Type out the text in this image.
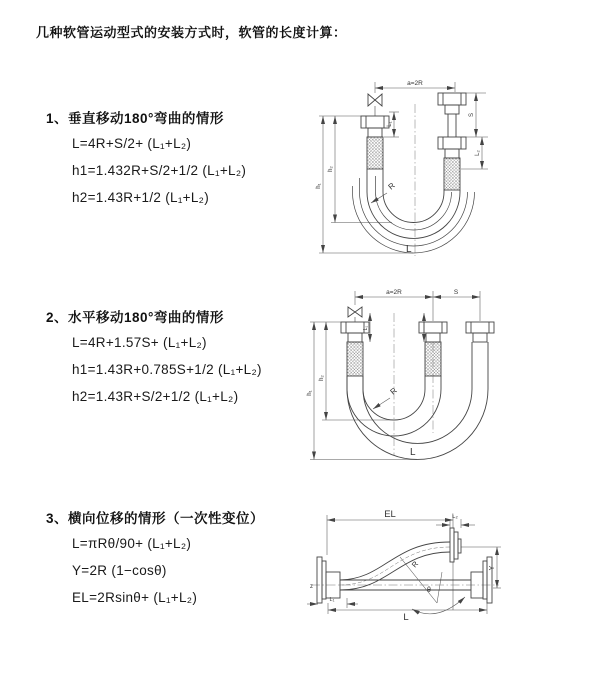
几种软管运动型式的安装方式时，软管的长度计算：
1、垂直移动180°弯曲的情形
L=4R+S/2+ (L₁+L₂)
h1=1.432R+S/2+1/2 (L₁+L₂)
h2=1.43R+1/2 (L₁+L₂)
2、水平移动180°弯曲的情形
L=4R+1.57S+ (L₁+L₂)
h1=1.43R+0.785S+1/2 (L₁+L₂)
h2=1.43R+S/2+1/2 (L₁+L₂)
3、横向位移的情形（一次性变位）
L=πRθ/90+ (L₁+L₂)
Y=2R (1−cosθ)
EL=2Rsinθ+ (L₁+L₂)
a=2R
L₁
S
L₂
h₁
h₂
R
L
a=2R	S
L₁
h₁
h₂
R
L
EL	L₂
Y
R
θ
L
L₁
z
